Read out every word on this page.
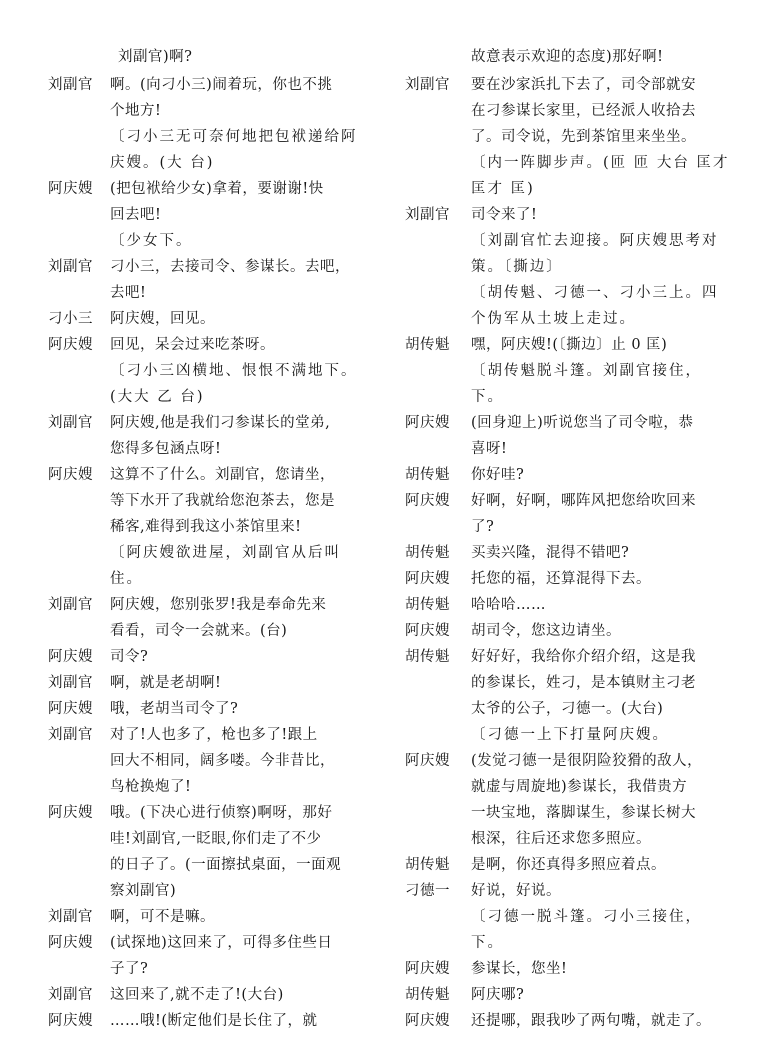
刘副官)啊?
刘副官 啊。(向刁小三)闹着玩，你也不挑
个地方!
〔刁小三无可奈何地把包袱递给阿
庆嫂。(大 台)
阿庆嫂 (把包袱给少女)拿着，要谢谢!快
回去吧!
〔少女下。
刘副官 刁小三，去接司令、参谋长。去吧，
去吧!
刁小三 阿庆嫂，回见。
阿庆嫂 回见，呆会过来吃茶呀。
〔刁小三凶横地、恨恨不满地下。
(大大 乙 台)
刘副官 阿庆嫂,他是我们刁参谋长的堂弟,
您得多包涵点呀!
阿庆嫂 这算不了什么。刘副官，您请坐，
等下水开了我就给您泡茶去，您是
稀客,难得到我这小茶馆里来!
〔阿庆嫂欲进屋，刘副官从后叫
住。
刘副官 阿庆嫂，您别张罗!我是奉命先来
看看，司令一会就来。(台)
阿庆嫂 司令?
刘副官 啊，就是老胡啊!
阿庆嫂 哦，老胡当司令了?
刘副官 对了!人也多了，枪也多了!跟上
回大不相同，阔多喽。今非昔比，
鸟枪换炮了!
阿庆嫂 哦。(下决心进行侦察)啊呀，那好
哇!刘副官,一眨眼,你们走了不少
的日子了。(一面擦拭桌面，一面观
察刘副官)
刘副官 啊，可不是嘛。
阿庆嫂 (试探地)这回来了，可得多住些日
子了?
刘副官 这回来了,就不走了!(大台)
阿庆嫂 ……哦!(断定他们是长住了，就
故意表示欢迎的态度)那好啊!
刘副官 要在沙家浜扎下去了，司令部就安
在刁参谋长家里，已经派人收拾去
了。司令说，先到茶馆里来坐坐。
〔内一阵脚步声。(匝 匝 大台 匡才
匡才 匡)
刘副官 司令来了!
〔刘副官忙去迎接。阿庆嫂思考对
策。〔撕边〕
〔胡传魁、刁德一、刁小三上。四
个伪军从土坡上走过。
胡传魁 嘿，阿庆嫂!(〔撕边〕止 0 匡)
〔胡传魁脱斗篷。刘副官接住，
下。
阿庆嫂 (回身迎上)听说您当了司令啦，恭
喜呀!
胡传魁 你好哇?
阿庆嫂 好啊，好啊，哪阵风把您给吹回来
了?
胡传魁 买卖兴隆，混得不错吧?
阿庆嫂 托您的福，还算混得下去。
胡传魁 哈哈哈……
阿庆嫂 胡司令，您这边请坐。
胡传魁 好好好，我给你介绍介绍，这是我
的参谋长，姓刁，是本镇财主刁老
太爷的公子，刁德一。(大台)
〔刁德一上下打量阿庆嫂。
阿庆嫂 (发觉刁德一是很阴险狡猾的敌人，
就虚与周旋地)参谋长，我借贵方
一块宝地，落脚谋生，参谋长树大
根深，往后还求您多照应。
胡传魁 是啊，你还真得多照应着点。
刁德一 好说，好说。
〔刁德一脱斗篷。刁小三接住，
下。
阿庆嫂 参谋长，您坐!
胡传魁 阿庆哪?
阿庆嫂 还提哪，跟我吵了两句嘴，就走了。
